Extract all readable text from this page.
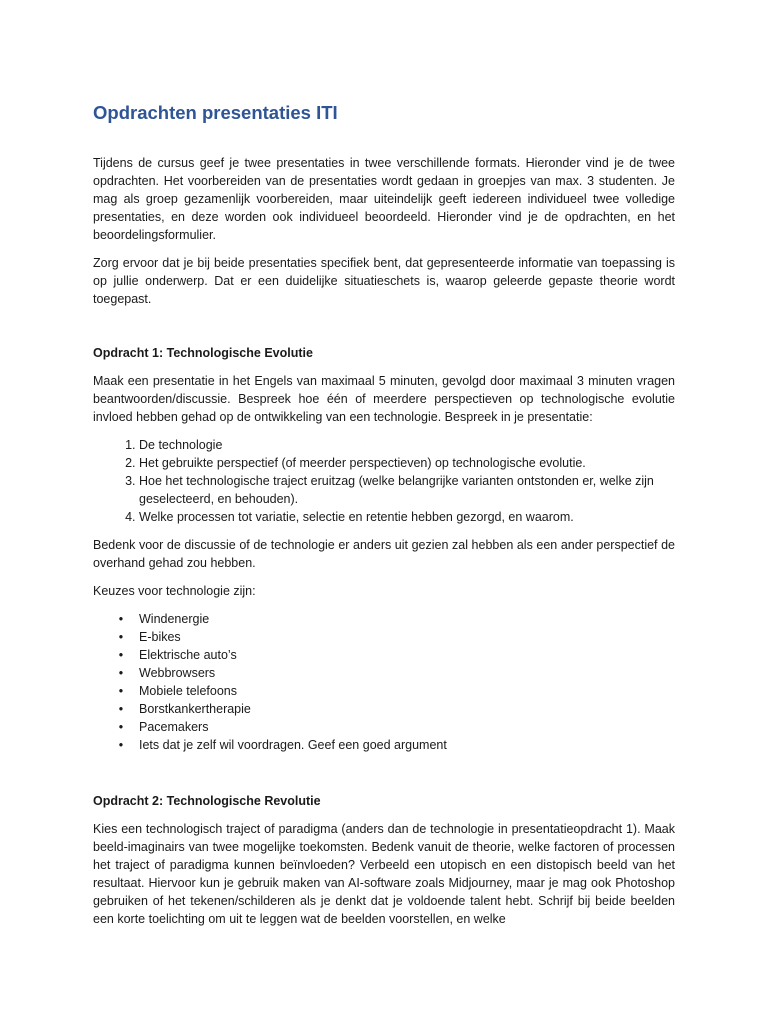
Opdrachten presentaties ITI

Tijdens de cursus geef je twee presentaties in twee verschillende formats. Hieronder vind je de twee opdrachten. Het voorbereiden van de presentaties wordt gedaan in groepjes van max. 3 studenten. Je mag als groep gezamenlijk voorbereiden, maar uiteindelijk geeft iedereen individueel twee volledige presentaties, en deze worden ook individueel beoordeeld. Hieronder vind je de opdrachten, en het beoordelingsformulier.

Zorg ervoor dat je bij beide presentaties specifiek bent, dat gepresenteerde informatie van toepassing is op jullie onderwerp. Dat er een duidelijke situatieschets is, waarop geleerde gepaste theorie wordt toegepast.

Opdracht 1: Technologische Evolutie

Maak een presentatie in het Engels van maximaal 5 minuten, gevolgd door maximaal 3 minuten vragen beantwoorden/discussie. Bespreek hoe één of meerdere perspectieven op technologische evolutie invloed hebben gehad op de ontwikkeling van een technologie. Bespreek in je presentatie:

1. De technologie
2. Het gebruikte perspectief (of meerder perspectieven) op technologische evolutie.
3. Hoe het technologische traject eruitzag (welke belangrijke varianten ontstonden er, welke zijn geselecteerd, en behouden).
4. Welke processen tot variatie, selectie en retentie hebben gezorgd, en waarom.

Bedenk voor de discussie of de technologie er anders uit gezien zal hebben als een ander perspectief de overhand gehad zou hebben.

Keuzes voor technologie zijn:

•	Windenergie
•	E-bikes
•	Elektrische auto’s
•	Webbrowsers
•	Mobiele telefoons
•	Borstkankertherapie
•	Pacemakers
•	Iets dat je zelf wil voordragen. Geef een goed argument

Opdracht 2: Technologische Revolutie

Kies een technologisch traject of paradigma (anders dan de technologie in presentatieopdracht 1). Maak beeld-imaginairs van twee mogelijke toekomsten. Bedenk vanuit de theorie, welke factoren of processen het traject of paradigma kunnen beïnvloeden? Verbeeld een utopisch en een distopisch beeld van het resultaat. Hiervoor kun je gebruik maken van AI-software zoals Midjourney, maar je mag ook Photoshop gebruiken of het tekenen/schilderen als je denkt dat je voldoende talent hebt. Schrijf bij beide beelden een korte toelichting om uit te leggen wat de beelden voorstellen, en welke
